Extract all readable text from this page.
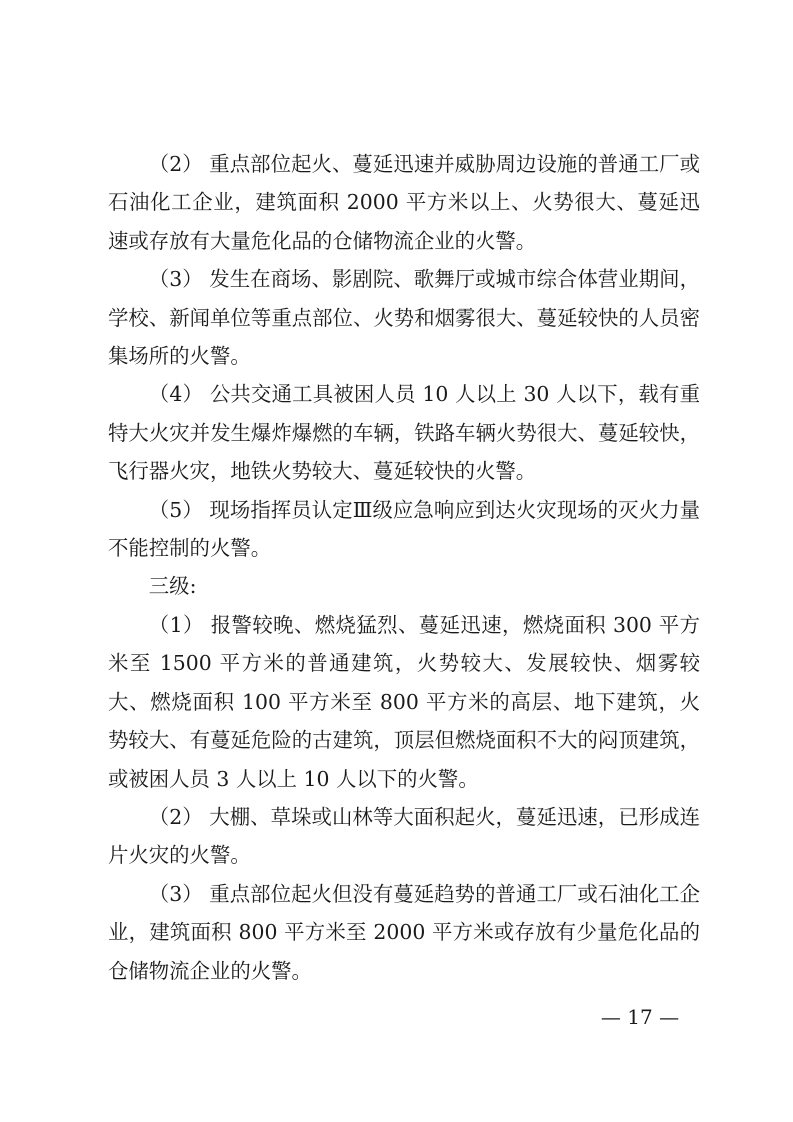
（2） 重点部位起火、蔓延迅速并威胁周边设施的普通工厂或石油化工企业，建筑面积 2000 平方米以上、火势很大、蔓延迅速或存放有大量危化品的仓储物流企业的火警。

（3） 发生在商场、影剧院、歌舞厅或城市综合体营业期间，学校、新闻单位等重点部位、火势和烟雾很大、蔓延较快的人员密集场所的火警。

（4） 公共交通工具被困人员 10 人以上 30 人以下，载有重特大火灾并发生爆炸爆燃的车辆，铁路车辆火势很大、蔓延较快，飞行器火灾，地铁火势较大、蔓延较快的火警。

（5） 现场指挥员认定Ⅲ级应急响应到达火灾现场的灭火力量不能控制的火警。

三级:

（1） 报警较晚、燃烧猛烈、蔓延迅速，燃烧面积 300 平方米至 1500 平方米的普通建筑，火势较大、发展较快、烟雾较大、燃烧面积 100 平方米至 800 平方米的高层、地下建筑，火势较大、有蔓延危险的古建筑，顶层但燃烧面积不大的闷顶建筑，或被困人员 3 人以上 10 人以下的火警。

（2） 大棚、草垛或山林等大面积起火，蔓延迅速，已形成连片火灾的火警。

（3） 重点部位起火但没有蔓延趋势的普通工厂或石油化工企业，建筑面积 800 平方米至 2000 平方米或存放有少量危化品的仓储物流企业的火警。

— 17 —
